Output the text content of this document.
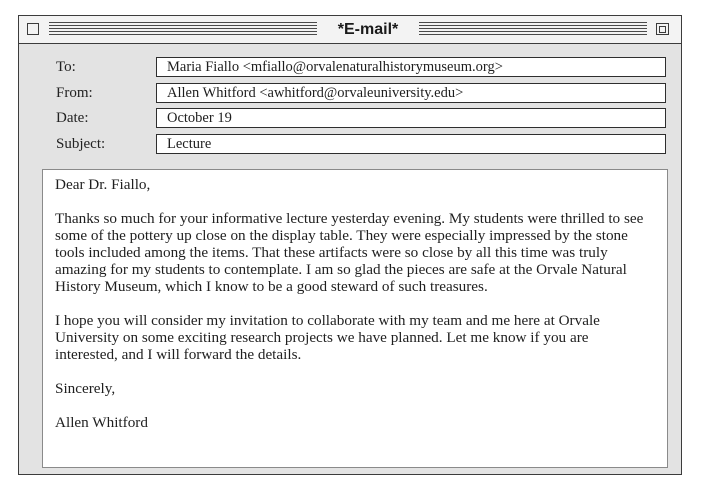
*E-mail*
To:
Maria Fiallo <mfiallo@orvalenaturalhistorymuseum.org>
From:
Allen Whitford <awhitford@orvaleuniversity.edu>
Date:
October 19
Subject:
Lecture

Dear Dr. Fiallo,

Thanks so much for your informative lecture yesterday evening. My students were thrilled to see some of the pottery up close on the display table. They were especially impressed by the stone tools included among the items. That these artifacts were so close by all this time was truly amazing for my students to contemplate. I am so glad the pieces are safe at the Orvale Natural History Museum, which I know to be a good steward of such treasures.

I hope you will consider my invitation to collaborate with my team and me here at Orvale University on some exciting research projects we have planned. Let me know if you are interested, and I will forward the details.

Sincerely,

Allen Whitford
